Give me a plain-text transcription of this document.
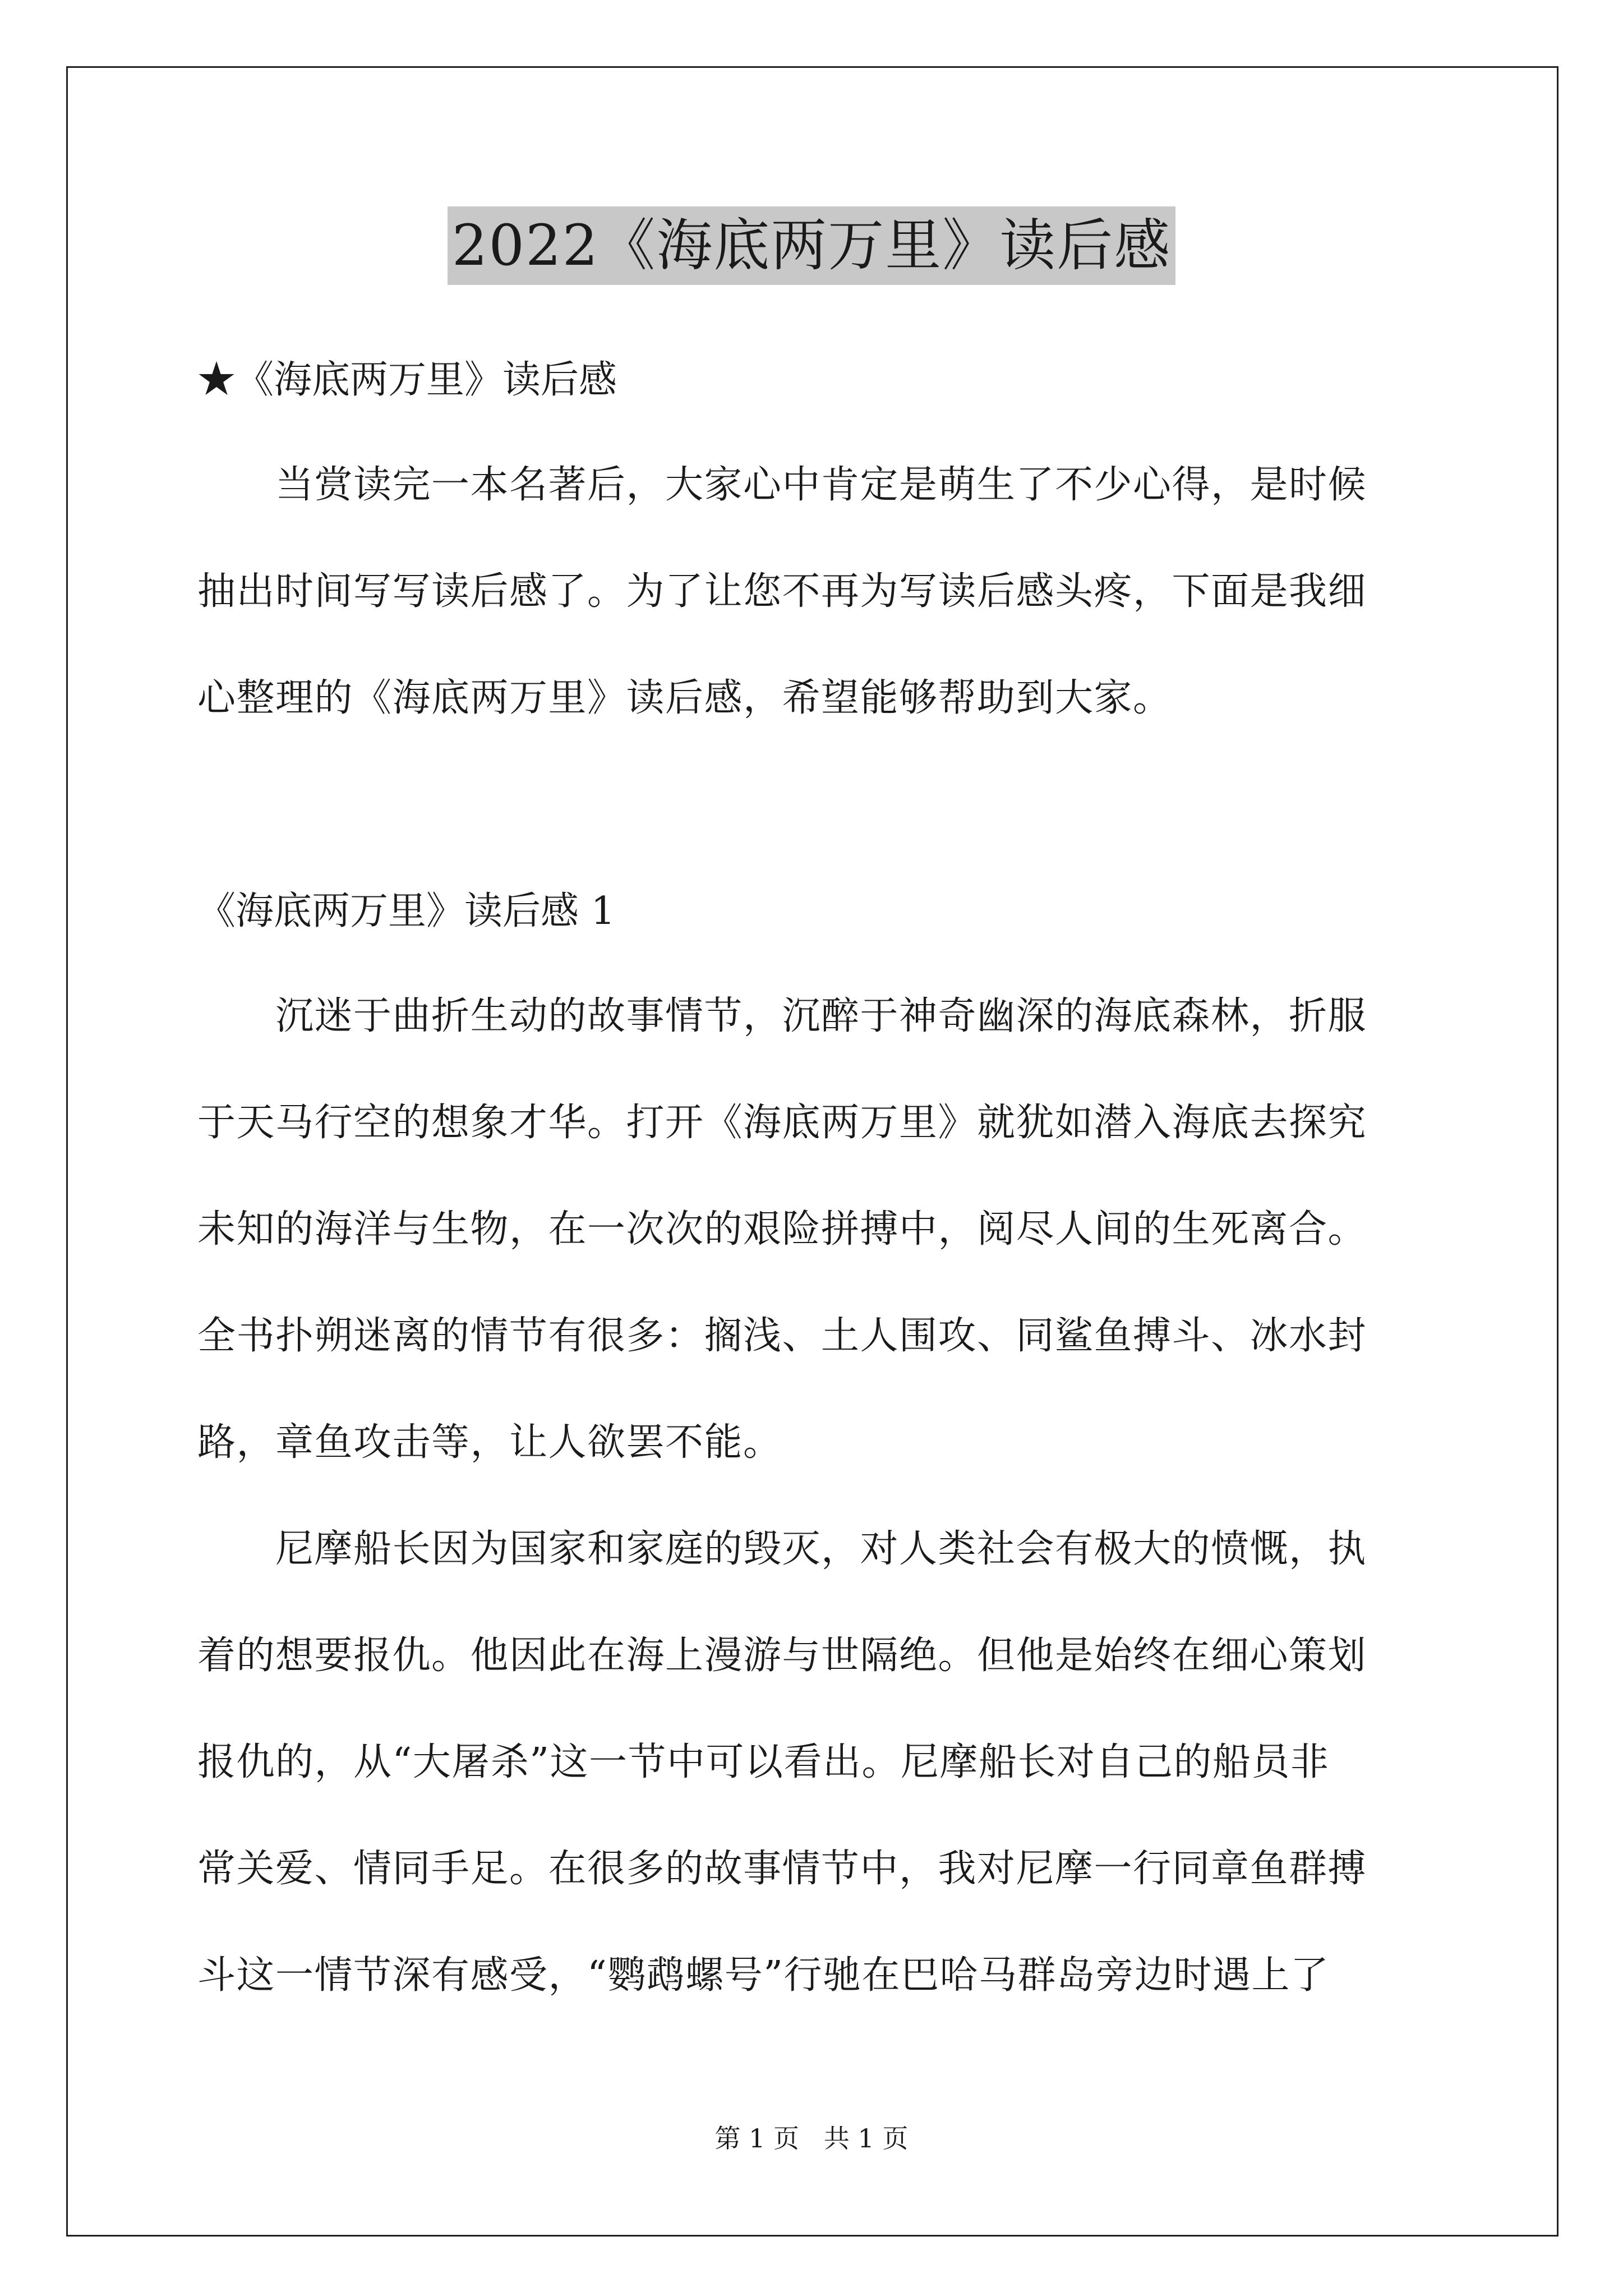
2022《海底两万里》读后感
★《海底两万里》读后感
　　当赏读完一本名著后，大家心中肯定是萌生了不少心得，是时候
抽出时间写写读后感了。为了让您不再为写读后感头疼，下面是我细
心整理的《海底两万里》读后感，希望能够帮助到大家。
《海底两万里》读后感 1
　　沉迷于曲折生动的故事情节，沉醉于神奇幽深的海底森林，折服
于天马行空的想象才华。打开《海底两万里》就犹如潜入海底去探究
未知的海洋与生物，在一次次的艰险拼搏中，阅尽人间的生死离合。
全书扑朔迷离的情节有很多：搁浅、土人围攻、同鲨鱼搏斗、冰水封
路，章鱼攻击等，让人欲罢不能。
　　尼摩船长因为国家和家庭的毁灭，对人类社会有极大的愤慨，执
着的想要报仇。他因此在海上漫游与世隔绝。但他是始终在细心策划
报仇的，从“大屠杀”这一节中可以看出。尼摩船长对自己的船员非
常关爱、情同手足。在很多的故事情节中，我对尼摩一行同章鱼群搏
斗这一情节深有感受，“鹦鹉螺号”行驰在巴哈马群岛旁边时遇上了
第 1 页   共 1 页
